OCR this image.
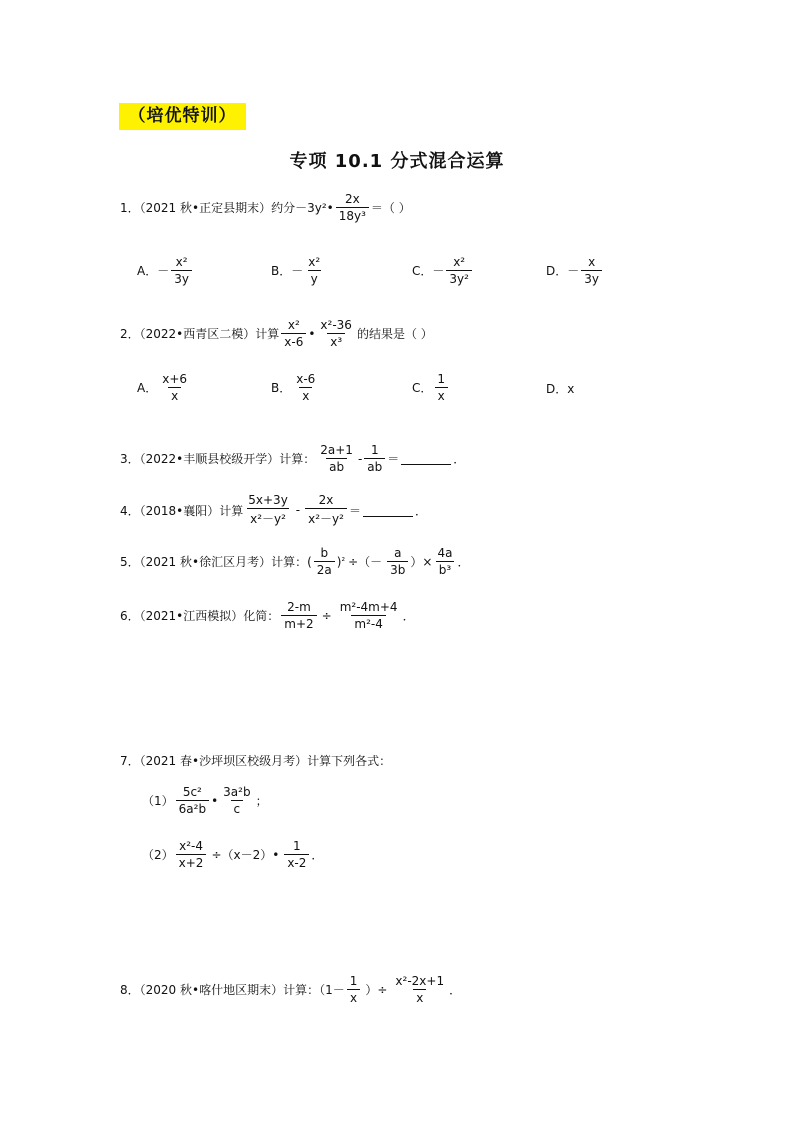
（培优特训）
专项 10.1 分式混合运算
1．（2021 秋•正定县期末）约分 －3y²• $\frac{2x}{\text{18y³}}$ ＝（ ）
A．－ $\frac{\text{x²}}{3y}$	B．－ $\frac{\text{x²}}{y}$	C．－ $\frac{\text{x²}}{\text{3y²}}$	D．－ $\frac{x}{3y}$
2．（2022•西青区二模）计算 $\frac{\text{x²}}{x-6}$ • $\frac{\text{x²-36}}{\text{x³}}$ 的结果是（ ）
A． $\frac{x+6}{x}$	B． $\frac{x-6}{x}$	C． $\frac{1}{x}$	D．x
3．（2022•丰顺县校级开学）计算： $\frac{2a+1}{ab} - \frac{1}{ab}$ ＝	．
4．（2018•襄阳）计算 $\frac{5x+3y}{\text{x²－y²}} - \frac{2x}{\text{x²－y²}}$ ＝	．
5．（2021 秋•徐汇区月考）计算： ( $\frac{b}{2a}$ ) ² ÷（－ $\frac{a}{3b}$ ）× $\frac{4a}{\text{b³}}$ ．
6．（2021•江西模拟）化简： $\frac{2-m}{m+2} \div \frac{\text{m²-4m+4}}{\text{m²-4}}$ ．
7．（2021 春•沙坪坝区校级月考）计算下列各式：
$(1) \frac{\text{5c²}}{\text{6a²b}}$ • $\frac{\text{3a²b}}{c}$ ；
$(2) \frac{\text{x²-4}}{x+2}$ ÷（x－2）• $\frac{1}{x-2}$ ．
8．（2020 秋•喀什地区期末）计算：（$1- \frac{1}{x}$ ）÷ $\frac{\text{x²-2x+1}}{x}$ ．
